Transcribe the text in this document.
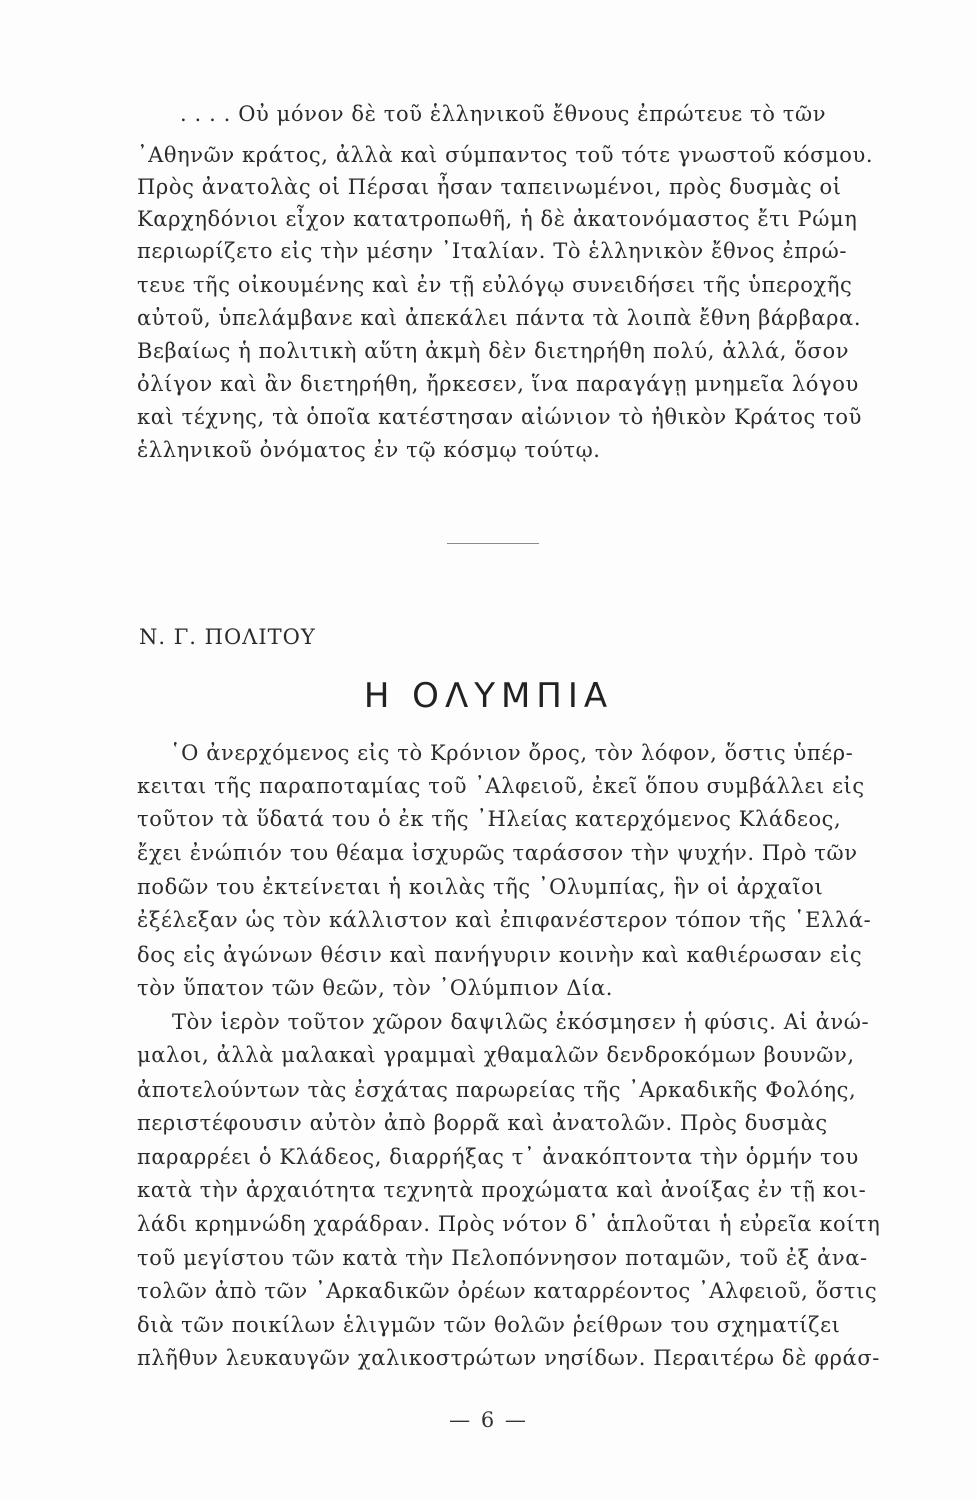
. . . . Οὐ μόνον δὲ τοῦ ἑλληνικοῦ ἔθνους ἐπρώτευε τὸ τῶν
᾿Αθηνῶν κράτος, ἀλλὰ καὶ σύμπαντος τοῦ τότε γνωστοῦ κόσμου.
Πρὸς ἀνατολὰς οἱ Πέρσαι ἦσαν ταπεινωμένοι, πρὸς δυσμὰς οἱ
Καρχηδόνιοι εἶχον κατατροπωθῆ, ἡ δὲ ἀκατονόμαστος ἔτι Ρώμη
περιωρίζετο εἰς τὴν μέσην ᾿Ιταλίαν. Τὸ ἑλληνικὸν ἔθνος ἐπρώ-
τευε τῆς οἰκουμένης καὶ ἐν τῇ εὐλόγῳ συνειδήσει τῆς ὑπεροχῆς
αὐτοῦ, ὑπελάμβανε καὶ ἀπεκάλει πάντα τὰ λοιπὰ ἔθνη βάρβαρα.
Βεβαίως ἡ πολιτικὴ αὕτη ἀκμὴ δὲν διετηρήθη πολύ, ἀλλά, ὅσον
ὀλίγον καὶ ἂν διετηρήθη, ἤρκεσεν, ἵνα παραγάγῃ μνημεῖα λόγου
καὶ τέχνης, τὰ ὁποῖα κατέστησαν αἰώνιον τὸ ἠθικὸν Κράτος τοῦ
ἑλληνικοῦ ὀνόματος ἐν τῷ κόσμῳ τούτῳ.
Ν. Γ. ΠΟΛΙΤΟΥ
Η ΟΛΥΜΠΙΑ
῾Ο ἀνερχόμενος εἰς τὸ Κρόνιον ὄρος, τὸν λόφον, ὅστις ὑπέρ-
κειται τῆς παραποταμίας τοῦ ᾿Αλφειοῦ, ἐκεῖ ὅπου συμβάλλει εἰς
τοῦτον τὰ ὕδατά του ὁ ἐκ τῆς ᾿Ηλείας κατερχόμενος Κλάδεος,
ἔχει ἐνώπιόν του θέαμα ἰσχυρῶς ταράσσον τὴν ψυχήν. Πρὸ τῶν
ποδῶν του ἐκτείνεται ἡ κοιλὰς τῆς ᾿Ολυμπίας, ἣν οἱ ἀρχαῖοι
ἐξέλεξαν ὡς τὸν κάλλιστον καὶ ἐπιφανέστερον τόπον τῆς ῾Ελλά-
δος εἰς ἀγώνων θέσιν καὶ πανήγυριν κοινὴν καὶ καθιέρωσαν εἰς
τὸν ὕπατον τῶν θεῶν, τὸν ᾿Ολύμπιον Δία.
Τὸν ἱερὸν τοῦτον χῶρον δαψιλῶς ἐκόσμησεν ἡ φύσις. Αἱ ἀνώ-
μαλοι, ἀλλὰ μαλακαὶ γραμμαὶ χθαμαλῶν δενδροκόμων βουνῶν,
ἀποτελούντων τὰς ἐσχάτας παρωρείας τῆς ᾿Αρκαδικῆς Φολόης,
περιστέφουσιν αὐτὸν ἀπὸ βορρᾶ καὶ ἀνατολῶν. Πρὸς δυσμὰς
παραρρέει ὁ Κλάδεος, διαρρήξας τ᾿ ἀνακόπτοντα τὴν ὁρμήν του
κατὰ τὴν ἀρχαιότητα τεχνητὰ προχώματα καὶ ἀνοίξας ἐν τῇ κοι-
λάδι κρημνώδη χαράδραν. Πρὸς νότον δ᾿ ἁπλοῦται ἡ εὐρεῖα κοίτη
τοῦ μεγίστου τῶν κατὰ τὴν Πελοπόννησον ποταμῶν, τοῦ ἐξ ἀνα-
τολῶν ἀπὸ τῶν ᾿Αρκαδικῶν ὀρέων καταρρέοντος ᾿Αλφειοῦ, ὅστις
διὰ τῶν ποικίλων ἑλιγμῶν τῶν θολῶν ῥείθρων του σχηματίζει
πλῆθυν λευκαυγῶν χαλικοστρώτων νησίδων. Περαιτέρω δὲ φράσ-
— 6 —
